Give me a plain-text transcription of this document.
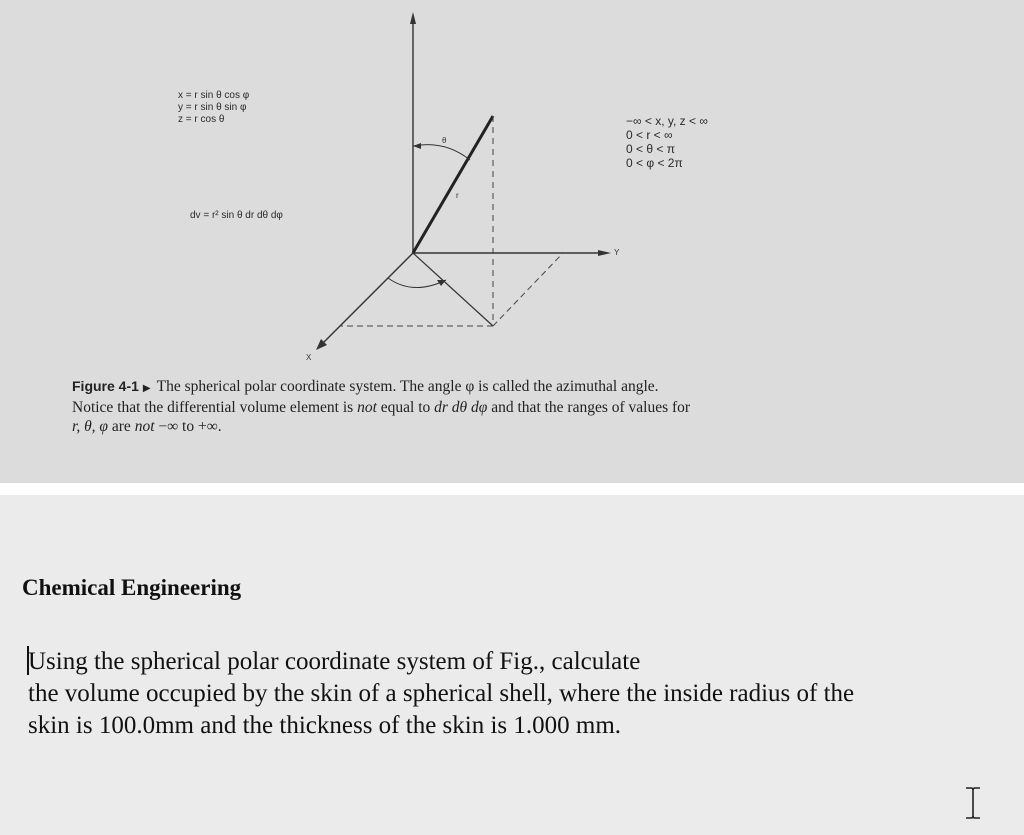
x = r sin θ cos φ
y = r sin θ sin φ
z = r cos θ
dv = r² sin θ dr dθ dφ
−∞ < x, y, z < ∞
0 < r < ∞
0 < θ < π
0 < φ < 2π
Y
X
r
θ
Figure 4-1 ▶ The spherical polar coordinate system. The angle φ is called the azimuthal angle.
Notice that the differential volume element is not equal to dr dθ dφ and that the ranges of values for
r, θ, φ are not −∞ to +∞.
Chemical Engineering
Using the spherical polar coordinate system of Fig., calculate
the volume occupied by the skin of a spherical shell, where the inside radius of the
skin is 100.0mm and the thickness of the skin is 1.000 mm.
